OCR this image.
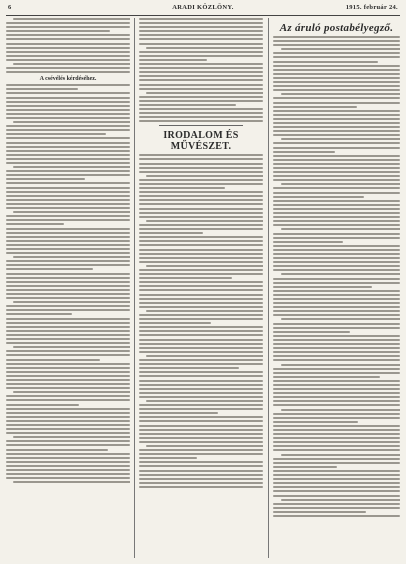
6	ARADI KÖZLÖNY.	1915. február 24.
A csévélés kérdéséhez.
IRODALOM ÉS MŰVÉSZET.
Az áruló postabélyegző.
